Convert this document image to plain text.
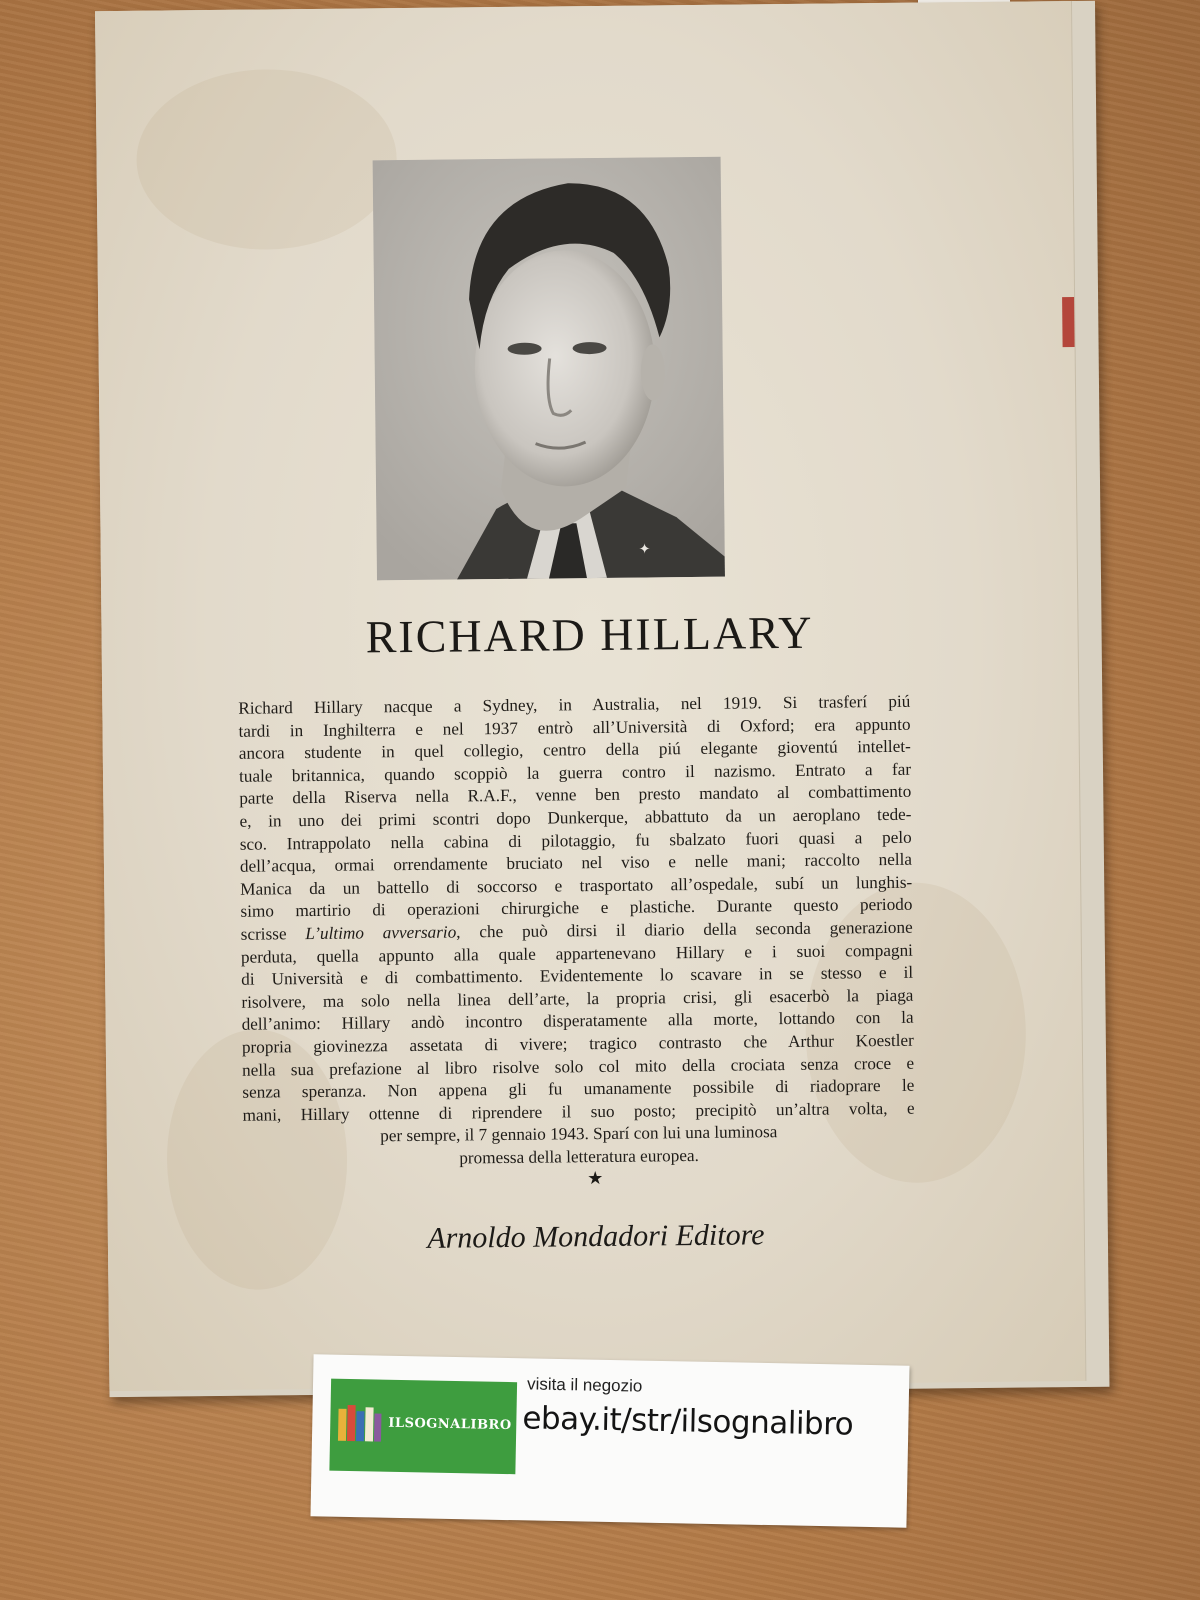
✦
RICHARD HILLARY

Richard Hillary nacque a Sydney, in Australia, nel 1919. Si trasferí piú
tardi in Inghilterra e nel 1937 entrò all’Università di Oxford; era appunto
ancora studente in quel collegio, centro della piú elegante gioventú intellet-
tuale britannica, quando scoppiò la guerra contro il nazismo. Entrato a far
parte della Riserva nella R.A.F., venne ben presto mandato al combattimento
e, in uno dei primi scontri dopo Dunkerque, abbattuto da un aeroplano tede-
sco. Intrappolato nella cabina di pilotaggio, fu sbalzato fuori quasi a pelo
dell’acqua, ormai orrendamente bruciato nel viso e nelle mani; raccolto nella
Manica da un battello di soccorso e trasportato all’ospedale, subí un lunghis-
simo martirio di operazioni chirurgiche e plastiche. Durante questo periodo
scrisse L’ultimo avversario, che può dirsi il diario della seconda generazione
perduta, quella appunto alla quale appartenevano Hillary e i suoi compagni
di Università e di combattimento. Evidentemente lo scavare in se stesso e il
risolvere, ma solo nella linea dell’arte, la propria crisi, gli esacerbò la piaga
dell’animo: Hillary andò incontro disperatamente alla morte, lottando con la
propria giovinezza assetata di vivere; tragico contrasto che Arthur Koestler
nella sua prefazione al libro risolve solo col mito della crociata senza croce e
senza speranza. Non appena gli fu umanamente possibile di riadoprare le
mani, Hillary ottenne di riprendere il suo posto; precipitò un’altra volta, e
per sempre, il 7 gennaio 1943. Sparí con lui una luminosa
promessa della letteratura europea.

★
Arnoldo Mondadori Editore
ILSOGNALIBRO
visita il negozio
ebay.it/str/ilsognalibro
